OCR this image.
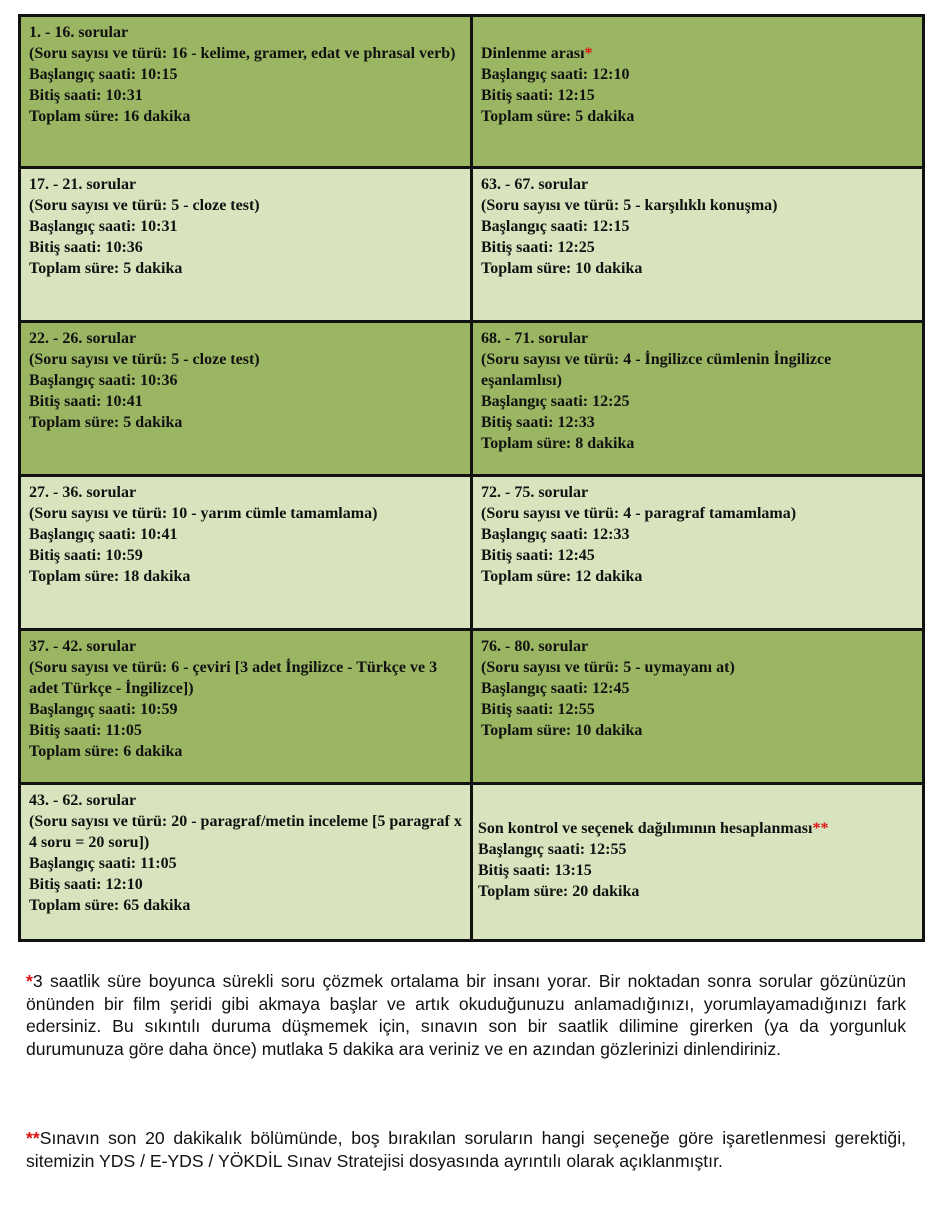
1. - 16. sorular
(Soru sayısı ve türü: 16 - kelime, gramer, edat ve phrasal verb)
Başlangıç saati: 10:15
Bitiş saati: 10:31
Toplam süre: 16 dakika
Dinlenme arası*
Başlangıç saati: 12:10
Bitiş saati: 12:15
Toplam süre: 5 dakika
17. - 21. sorular
(Soru sayısı ve türü: 5 - cloze test)
Başlangıç saati: 10:31
Bitiş saati: 10:36
Toplam süre: 5 dakika
63. - 67. sorular
(Soru sayısı ve türü: 5 - karşılıklı konuşma)
Başlangıç saati: 12:15
Bitiş saati: 12:25
Toplam süre: 10 dakika
22. - 26. sorular
(Soru sayısı ve türü: 5 - cloze test)
Başlangıç saati: 10:36
Bitiş saati: 10:41
Toplam süre: 5 dakika
68. - 71. sorular
(Soru sayısı ve türü: 4 - İngilizce cümlenin İngilizce eşanlamlısı)
Başlangıç saati: 12:25
Bitiş saati: 12:33
Toplam süre: 8 dakika
27. - 36. sorular
(Soru sayısı ve türü: 10 - yarım cümle tamamlama)
Başlangıç saati: 10:41
Bitiş saati: 10:59
Toplam süre: 18 dakika
72. - 75. sorular
(Soru sayısı ve türü: 4 - paragraf tamamlama)
Başlangıç saati: 12:33
Bitiş saati: 12:45
Toplam süre: 12 dakika
37. - 42. sorular
(Soru sayısı ve türü: 6 - çeviri [3 adet İngilizce - Türkçe ve 3 adet Türkçe - İngilizce])
Başlangıç saati: 10:59
Bitiş saati: 11:05
Toplam süre: 6 dakika
76. - 80. sorular
(Soru sayısı ve türü: 5 - uymayanı at)
Başlangıç saati: 12:45
Bitiş saati: 12:55
Toplam süre: 10 dakika
43. - 62. sorular
(Soru sayısı ve türü: 20 - paragraf/metin inceleme [5 paragraf x 4 soru = 20 soru])
Başlangıç saati: 11:05
Bitiş saati: 12:10
Toplam süre: 65 dakika
Son kontrol ve seçenek dağılımının hesaplanması**
Başlangıç saati: 12:55
Bitiş saati: 13:15
Toplam süre: 20 dakika
*3 saatlik süre boyunca sürekli soru çözmek ortalama bir insanı yorar. Bir noktadan sonra sorular gözünüzün önünden bir film şeridi gibi akmaya başlar ve artık okuduğunuzu anlamadığınızı, yorumlayamadığınızı fark edersiniz. Bu sıkıntılı duruma düşmemek için, sınavın son bir saatlik dilimine girerken (ya da yorgunluk durumunuza göre daha önce) mutlaka 5 dakika ara veriniz ve en azından gözlerinizi dinlendiriniz.
**Sınavın son 20 dakikalık bölümünde, boş bırakılan soruların hangi seçeneğe göre işaretlenmesi gerektiği, sitemizin YDS / E-YDS / YÖKDİL Sınav Stratejisi dosyasında ayrıntılı olarak açıklanmıştır.
